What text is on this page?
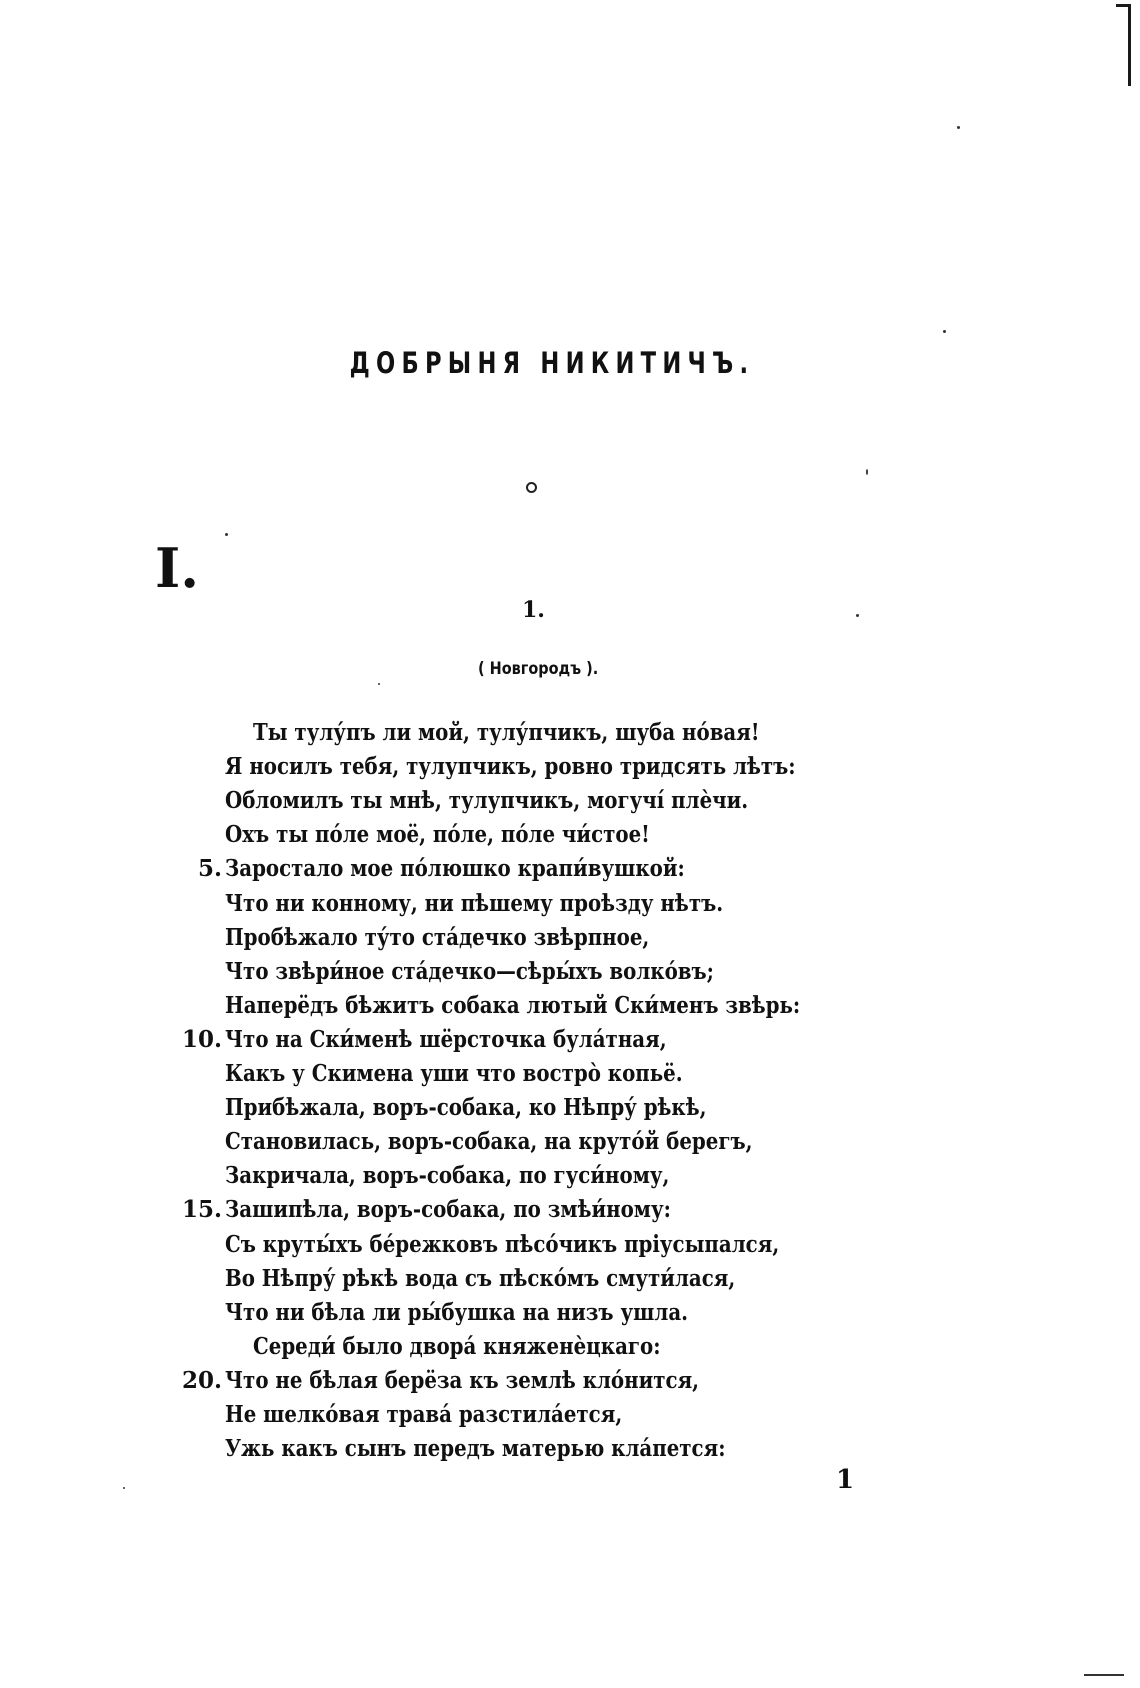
ДОБРЫНЯ НИКИТИЧЪ.
I.
1.
( Новгородъ ).
Ты тулу́пъ ли мой, тулу́пчикъ, шуба но́вая!
Я носилъ тебя, тулупчикъ, ровно тридсять лѣтъ:
Обломилъ ты мнѣ, тулупчикъ, могучі́ плѐчи.
Охъ ты по́ле моё, по́ле, по́ле чи́стое!
5. Заростало мое по́люшко крапи́вушкой:
Что ни конному, ни пѣшему проѣзду нѣтъ.
Пробѣжало ту́то ста́дечко звѣрпное,
Что звѣри́ное ста́дечко—сѣры́хъ волко́въ;
Наперёдъ бѣжитъ собака лютый Ски́менъ звѣрь:
10. Что на Ски́менѣ шёрсточка була́тная,
Какъ у Скимена уши что востро̀ копьё.
Прибѣжала, воръ-собака, ко Нѣпру́ рѣкѣ,
Становилась, воръ-собака, на круто́й берегъ,
Закричала, воръ-собака, по гуси́ному,
15. Зашипѣла, воръ-собака, по змѣи́ному:
Съ круты́хъ бе́режковъ пѣсо́чикъ прiусыпался,
Во Нѣпру́ рѣкѣ вода съ пѣско́мъ смути́лася,
Что ни бѣла ли ры́бушка на низъ ушла.
Середи́ было двора́ княженѐцкаго:
20. Что не бѣлая берёза къ землѣ кло́нится,
Не шелко́вая трава́ разстила́ется,
Ужь какъ сынъ передъ матерью кла́пется:
1
